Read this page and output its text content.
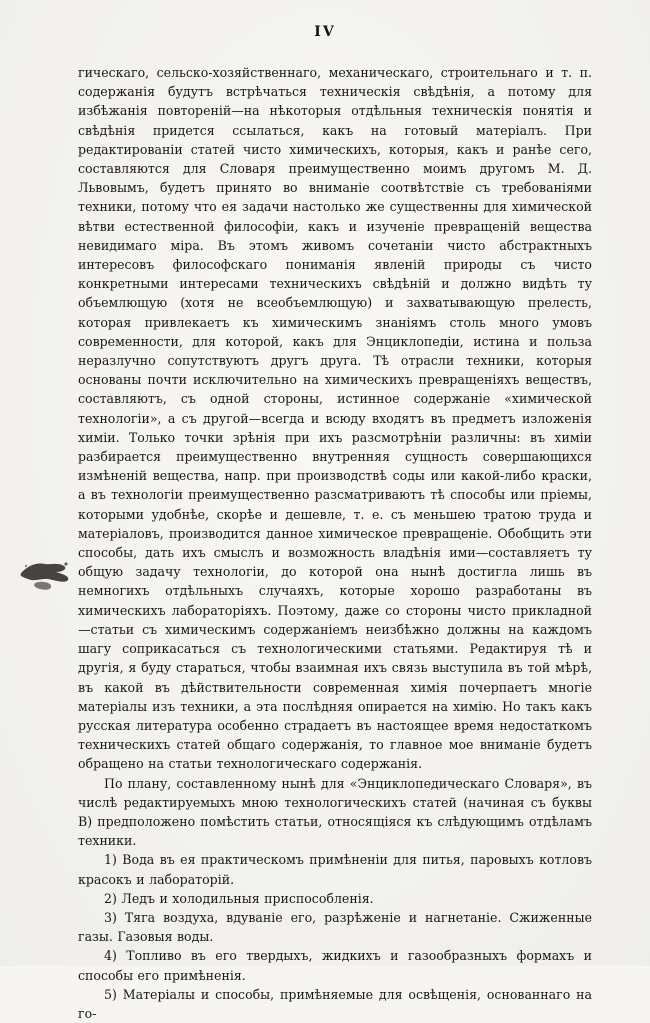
IV

гическаго, сельско-хозяйственнаго, механическаго, строительнаго и т. п. содержанія будутъ встрѣчаться техническія свѣдѣнія, а потому для избѣжанія повтореній—на нѣкоторыя отдѣльныя техническія понятія и свѣдѣнія придется ссылаться, какъ на готовый матеріалъ. При редактированіи статей чисто химическихъ, которыя, какъ и ранѣе сего, составляются для Словаря преимущественно моимъ другомъ М. Д. Львовымъ, будетъ принято во вниманіе соотвѣтствіе съ требованіями техники, потому что ея задачи настолько же существенны для химической вѣтви естественной философіи, какъ и изученіе превращеній вещества невидимаго міра. Въ этомъ живомъ сочетаніи чисто абстрактныхъ интересовъ философскаго пониманія явленій природы съ чисто конкретными интересами техническихъ свѣдѣній и должно видѣть ту объемлющую (хотя не всеобъемлющую) и захватывающую прелесть, которая привлекаетъ къ химическимъ знаніямъ столь много умовъ современности, для которой, какъ для Энциклопедіи, истина и польза неразлучно сопутствуютъ другъ друга. Тѣ отрасли техники, которыя основаны почти исключительно на химическихъ превращеніяхъ веществъ, составляютъ, съ одной стороны, истинное содержаніе «химической технологіи», а съ другой—всегда и всюду входятъ въ предметъ изложенія химіи. Только точки зрѣнія при ихъ разсмотрѣніи различны: въ химіи разбирается преимущественно внутренняя сущность совершающихся измѣненій вещества, напр. при производствѣ соды или какой-либо краски, а въ технологіи преимущественно разсматриваютъ тѣ способы или пріемы, которыми удобнѣе, скорѣе и дешевле, т. е. съ меньшею тратою труда и матеріаловъ, производится данное химическое превращеніе. Обобщить эти способы, дать ихъ смыслъ и возможность владѣнія ими—составляетъ ту общую задачу технологіи, до которой она нынѣ достигла лишь въ немногихъ отдѣльныхъ случаяхъ, которые хорошо разработаны въ химическихъ лабораторіяхъ. Поэтому, даже со стороны чисто прикладной—статьи съ химическимъ содержаніемъ неизбѣжно должны на каждомъ шагу соприкасаться съ технологическими статьями. Редактируя тѣ и другія, я буду стараться, чтобы взаимная ихъ связь выступила въ той мѣрѣ, въ какой въ дѣйствительности современная химія почерпаетъ многіе матеріалы изъ техники, а эта послѣдняя опирается на химію. Но такъ какъ русская литература особенно страдаетъ въ настоящее время недостаткомъ техническихъ статей общаго содержанія, то главное мое вниманіе будетъ обращено на статьи технологическаго содержанія.

По плану, составленному нынѣ для «Энциклопедическаго Словаря», въ числѣ редактируемыхъ мною технологическихъ статей (начиная съ буквы В) предположено помѣстить статьи, относящіяся къ слѣдующимъ отдѣламъ техники.

1) Вода въ ея практическомъ примѣненіи для питья, паровыхъ котловъ красокъ и лабораторій.

2) Ледъ и холодильныя приспособленія.

3) Тяга воздуха, вдуваніе его, разрѣженіе и нагнетаніе. Сжиженные газы. Газовыя воды.

4) Топливо въ его твердыхъ, жидкихъ и газообразныхъ формахъ и способы его примѣненія.

5) Матеріалы и способы, примѣняемые для освѣщенія, основаннаго на го-
